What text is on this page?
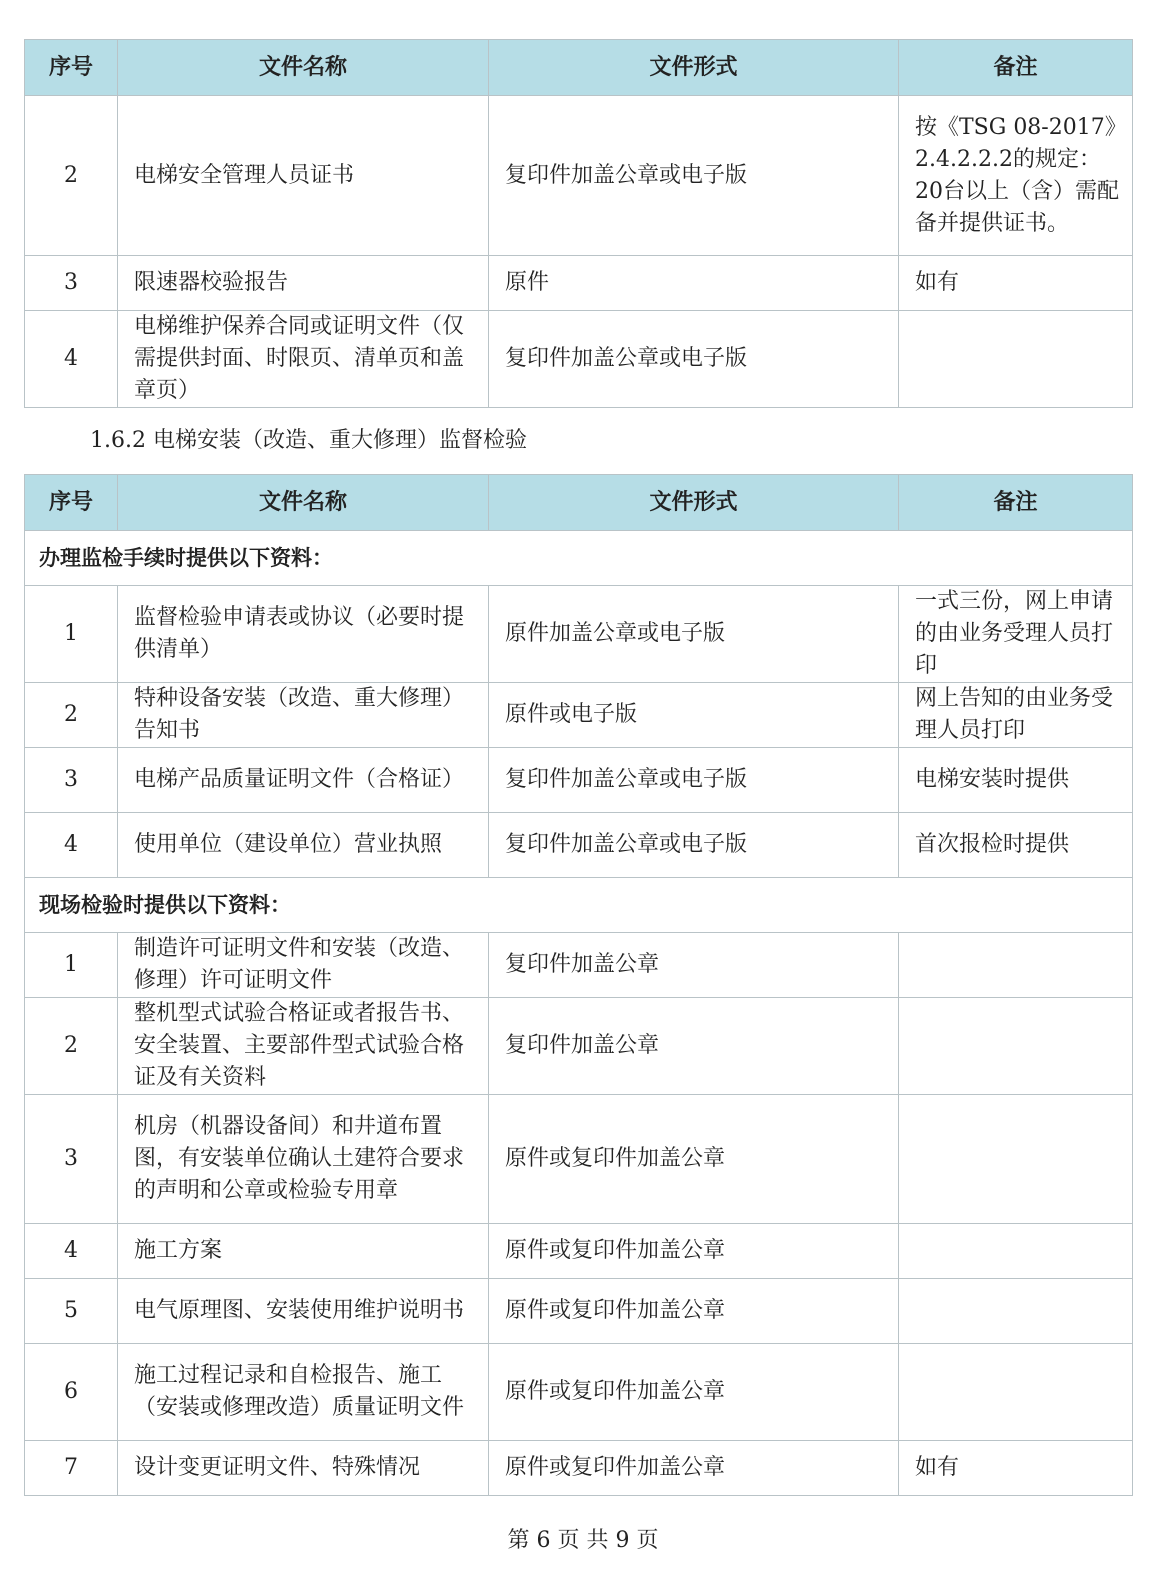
序号	文件名称	文件形式	备注
2	电梯安全管理人员证书	复印件加盖公章或电子版	按《TSG 08-2017》2.4.2.2.2的规定：20台以上（含）需配备并提供证书。
3	限速器校验报告	原件	如有
4	电梯维护保养合同或证明文件（仅需提供封面、时限页、清单页和盖章页）	复印件加盖公章或电子版	
1.6.2 电梯安装（改造、重大修理）监督检验
序号	文件名称	文件形式	备注
办理监检手续时提供以下资料：			
1	监督检验申请表或协议（必要时提供清单）	原件加盖公章或电子版	一式三份，网上申请的由业务受理人员打印
2	特种设备安装（改造、重大修理）告知书	原件或电子版	网上告知的由业务受理人员打印
3	电梯产品质量证明文件（合格证）	复印件加盖公章或电子版	电梯安装时提供
4	使用单位（建设单位）营业执照	复印件加盖公章或电子版	首次报检时提供
现场检验时提供以下资料：			
1	制造许可证明文件和安装（改造、修理）许可证明文件	复印件加盖公章	
2	整机型式试验合格证或者报告书、安全装置、主要部件型式试验合格证及有关资料	复印件加盖公章	
3	机房（机器设备间）和井道布置图，有安装单位确认土建符合要求的声明和公章或检验专用章	原件或复印件加盖公章	
4	施工方案	原件或复印件加盖公章	
5	电气原理图、安装使用维护说明书	原件或复印件加盖公章	
6	施工过程记录和自检报告、施工（安装或修理改造）质量证明文件	原件或复印件加盖公章	
7	设计变更证明文件、特殊情况	原件或复印件加盖公章	如有
第 6 页 共 9 页
